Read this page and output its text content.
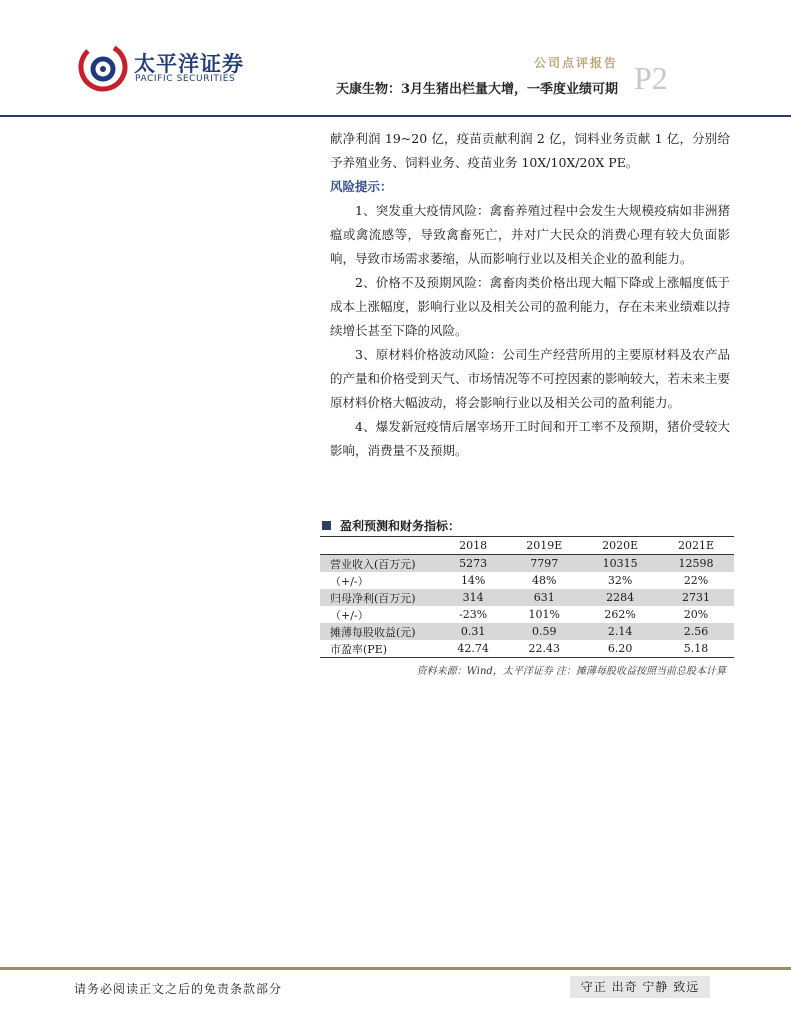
太平洋证券
PACIFIC SECURITIES
公司点评报告 P2
天康生物：3月生猪出栏量大增，一季度业绩可期

献净利润 19~20 亿，疫苗贡献利润 2 亿，饲料业务贡献 1 亿，分别给予养殖业务、饲料业务、疫苗业务 10X/10X/20X PE。

风险提示：

1、突发重大疫情风险：禽畜养殖过程中会发生大规模疫病如非洲猪瘟或禽流感等，导致禽畜死亡，并对广大民众的消费心理有较大负面影响，导致市场需求萎缩，从而影响行业以及相关企业的盈利能力。

2、价格不及预期风险：禽畜肉类价格出现大幅下降或上涨幅度低于成本上涨幅度，影响行业以及相关公司的盈利能力，存在未来业绩难以持续增长甚至下降的风险。

3、原材料价格波动风险：公司生产经营所用的主要原材料及农产品的产量和价格受到天气、市场情况等不可控因素的影响较大，若未来主要原材料价格大幅波动，将会影响行业以及相关公司的盈利能力。

4、爆发新冠疫情后屠宰场开工时间和开工率不及预期，猪价受较大影响，消费量不及预期。

盈利预测和财务指标：
	2018	2019E	2020E	2021E
营业收入(百万元)	5273	7797	10315	12598
（+/-）	14%	48%	32%	22%
归母净利(百万元)	314	631	2284	2731
（+/-）	-23%	101%	262%	20%
摊薄每股收益(元)	0.31	0.59	2.14	2.56
市盈率(PE)	42.74	22.43	6.20	5.18
资料来源：Wind，太平洋证券 注：摊薄每股收益按照当前总股本计算
请务必阅读正文之后的免责条款部分	守正 出奇 宁静 致远
